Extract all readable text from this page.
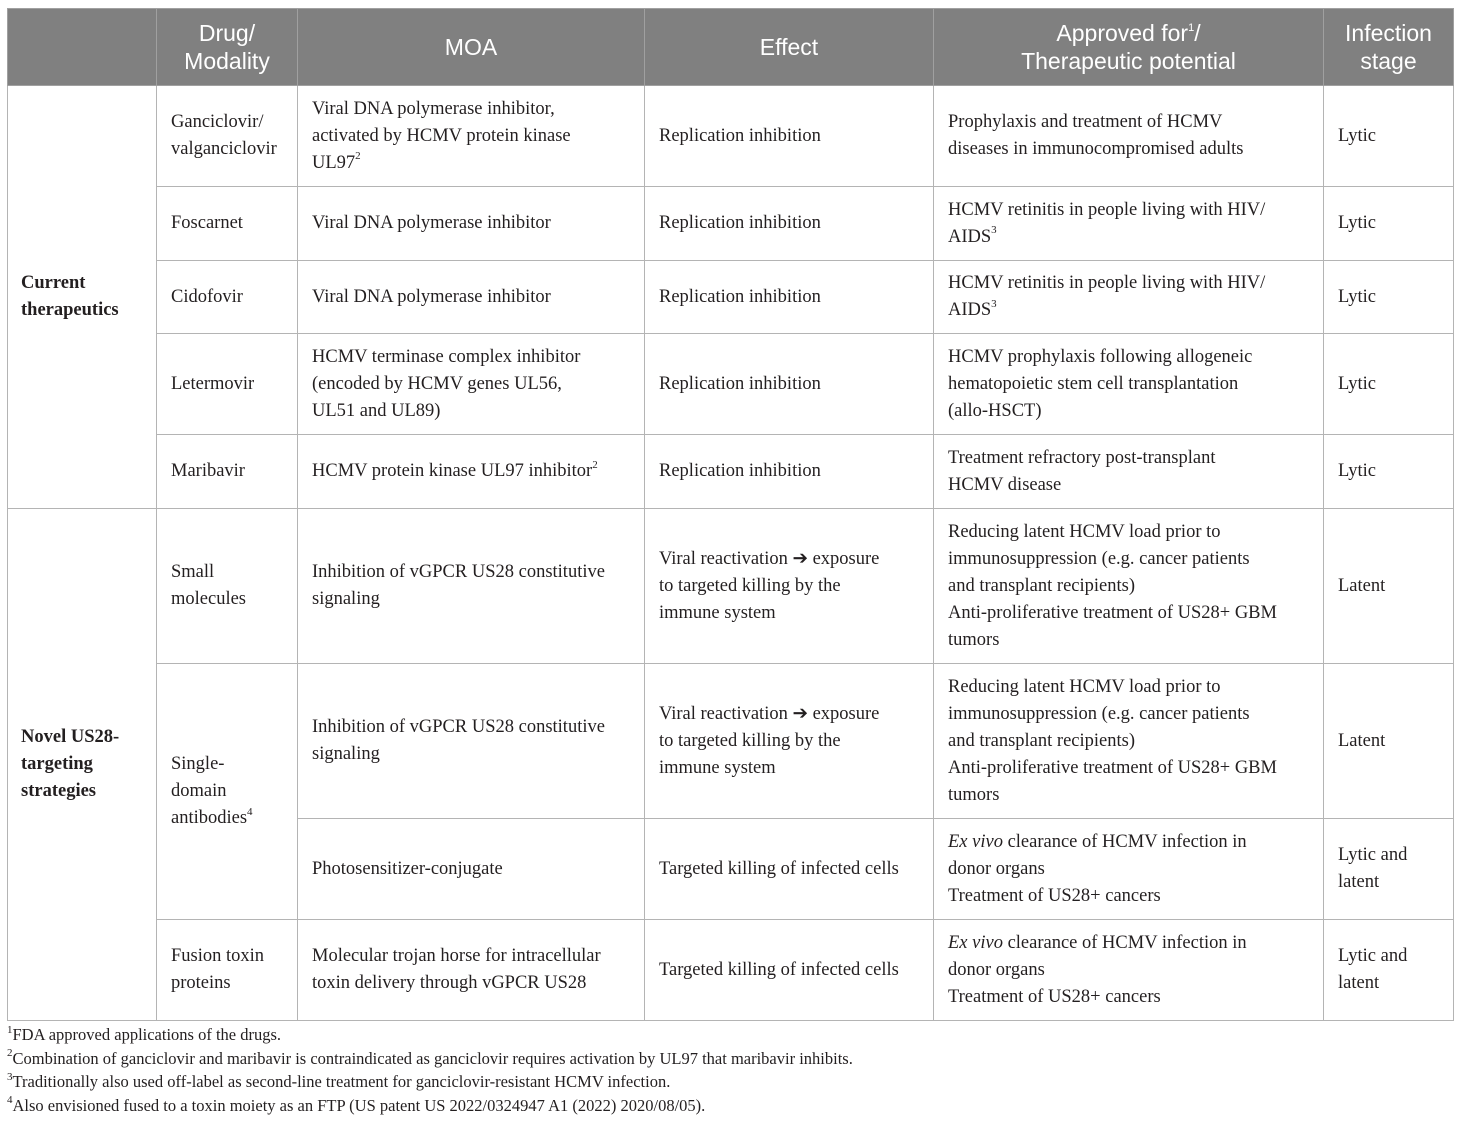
	Drug/
Modality	MOA	Effect	Approved for$^1$/
Therapeutic potential	Infection
stage
Current
therapeutics	Ganciclovir/
valganciclovir	Viral DNA polymerase inhibitor,
activated by HCMV protein kinase
$UL97^2$	Replication inhibition	Prophylaxis and treatment of HCMV
diseases in immunocompromised adults	Lytic
	Foscarnet	Viral DNA polymerase inhibitor	Replication inhibition	HCMV retinitis in people living with HIV/
AIDS$^3$	Lytic
	Cidofovir	Viral DNA polymerase inhibitor	Replication inhibition	HCMV retinitis in people living with HIV/
AIDS$^3$	Lytic
	Letermovir	HCMV terminase complex inhibitor
(encoded by HCMV genes UL56,
UL51 and UL89)	Replication inhibition	HCMV prophylaxis following allogeneic
hematopoietic stem cell transplantation
(allo-HSCT)	Lytic
	Maribavir	HCMV protein kinase UL97 inhibitor$^2$	Replication inhibition	Treatment refractory post-transplant
HCMV disease	Lytic
Novel US28-
targeting
strategies	Small
molecules	Inhibition of vGPCR US28 constitutive
signaling	Viral reactivation ➔ exposure
to targeted killing by the
immune system	Reducing latent HCMV load prior to
immunosuppression (e.g. cancer patients
and transplant recipients)
Anti-proliferative treatment of US28+ GBM
tumors	Latent
	Single-
domain
antibodies$^4$	Inhibition of vGPCR US28 constitutive
signaling	Viral reactivation ➔ exposure
to targeted killing by the
immune system	Reducing latent HCMV load prior to
immunosuppression (e.g. cancer patients
and transplant recipients)
Anti-proliferative treatment of US28+ GBM
tumors	Latent
		Photosensitizer-conjugate	Targeted killing of infected cells	Ex vivo clearance of HCMV infection in
donor organs
Treatment of US28+ cancers	Lytic and
latent
	Fusion toxin
proteins	Molecular trojan horse for intracellular
toxin delivery through vGPCR US28	Targeted killing of infected cells	Ex vivo clearance of HCMV infection in
donor organs
Treatment of US28+ cancers	Lytic and
latent

$^1$FDA approved applications of the drugs.

$^2$Combination of ganciclovir and maribavir is contraindicated as ganciclovir requires activation by UL97 that maribavir inhibits.

$^3$Traditionally also used off-label as second-line treatment for ganciclovir-resistant HCMV infection.

$^4$Also envisioned fused to a toxin moiety as an FTP (US patent US 2022/0324947 A1 (2022) 2020/08/05).
